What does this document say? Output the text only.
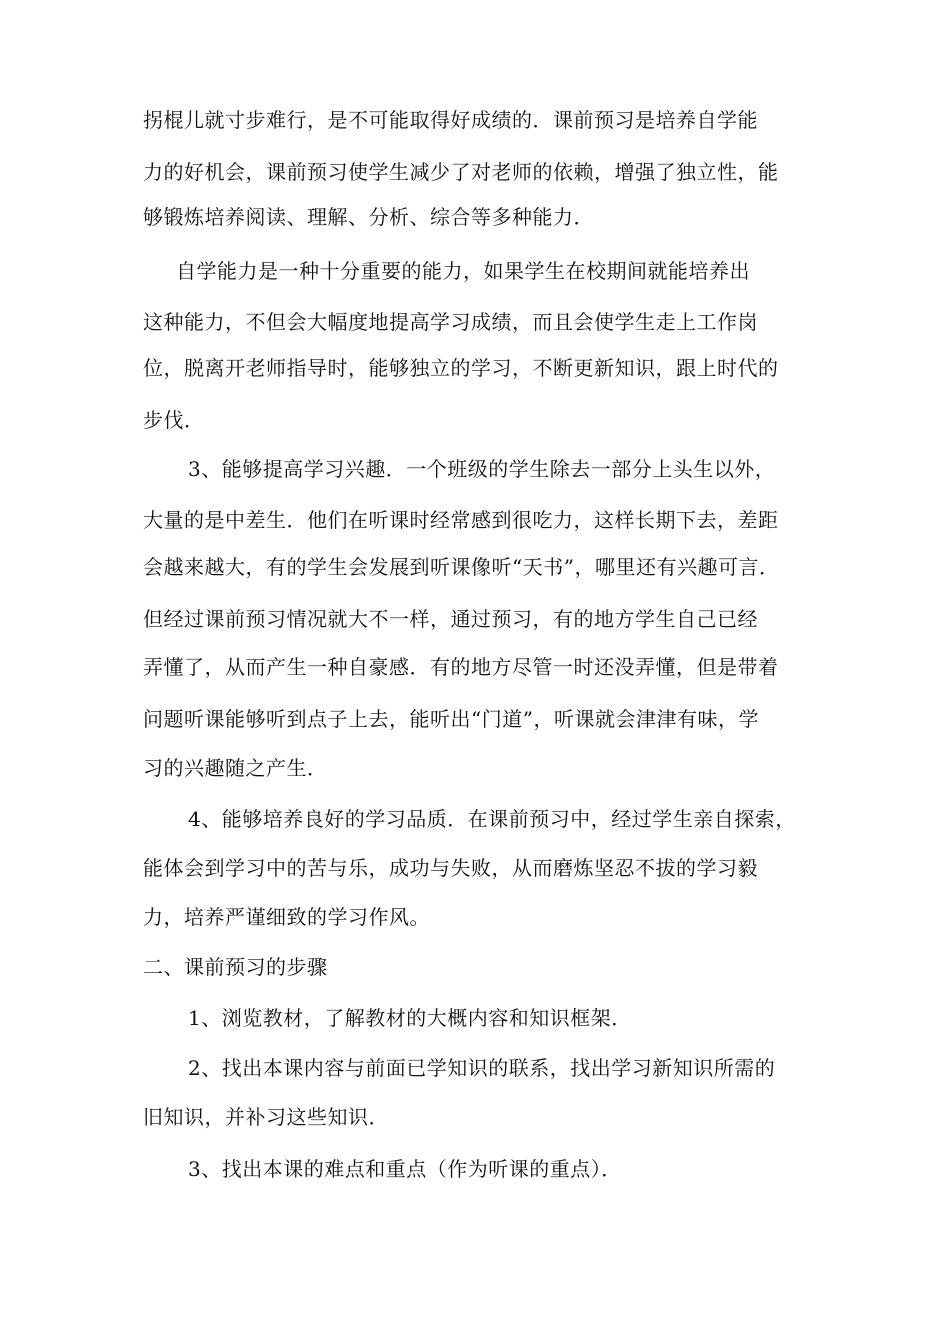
拐棍儿就寸步难行，是不可能取得好成绩的．课前预习是培养自学能
力的好机会，课前预习使学生减少了对老师的依赖，增强了独立性，能
够锻炼培养阅读、理解、分析、综合等多种能力．
自学能力是一种十分重要的能力，如果学生在校期间就能培养出
这种能力，不但会大幅度地提高学习成绩，而且会使学生走上工作岗
位，脱离开老师指导时，能够独立的学习，不断更新知识，跟上时代的
步伐．
3、能够提高学习兴趣．一个班级的学生除去一部分上头生以外，
大量的是中差生．他们在听课时经常感到很吃力，这样长期下去，差距
会越来越大，有的学生会发展到听课像听“天书”，哪里还有兴趣可言．
但经过课前预习情况就大不一样，通过预习，有的地方学生自己已经
弄懂了，从而产生一种自豪感．有的地方尽管一时还没弄懂，但是带着
问题听课能够听到点子上去，能听出“门道”，听课就会津津有味，学
习的兴趣随之产生．
4、能够培养良好的学习品质．在课前预习中，经过学生亲自探索，
能体会到学习中的苦与乐，成功与失败，从而磨炼坚忍不拔的学习毅
力，培养严谨细致的学习作风。
二、课前预习的步骤
1、浏览教材，了解教材的大概内容和知识框架．
2、找出本课内容与前面已学知识的联系，找出学习新知识所需的
旧知识，并补习这些知识．
3、找出本课的难点和重点（作为听课的重点）．
